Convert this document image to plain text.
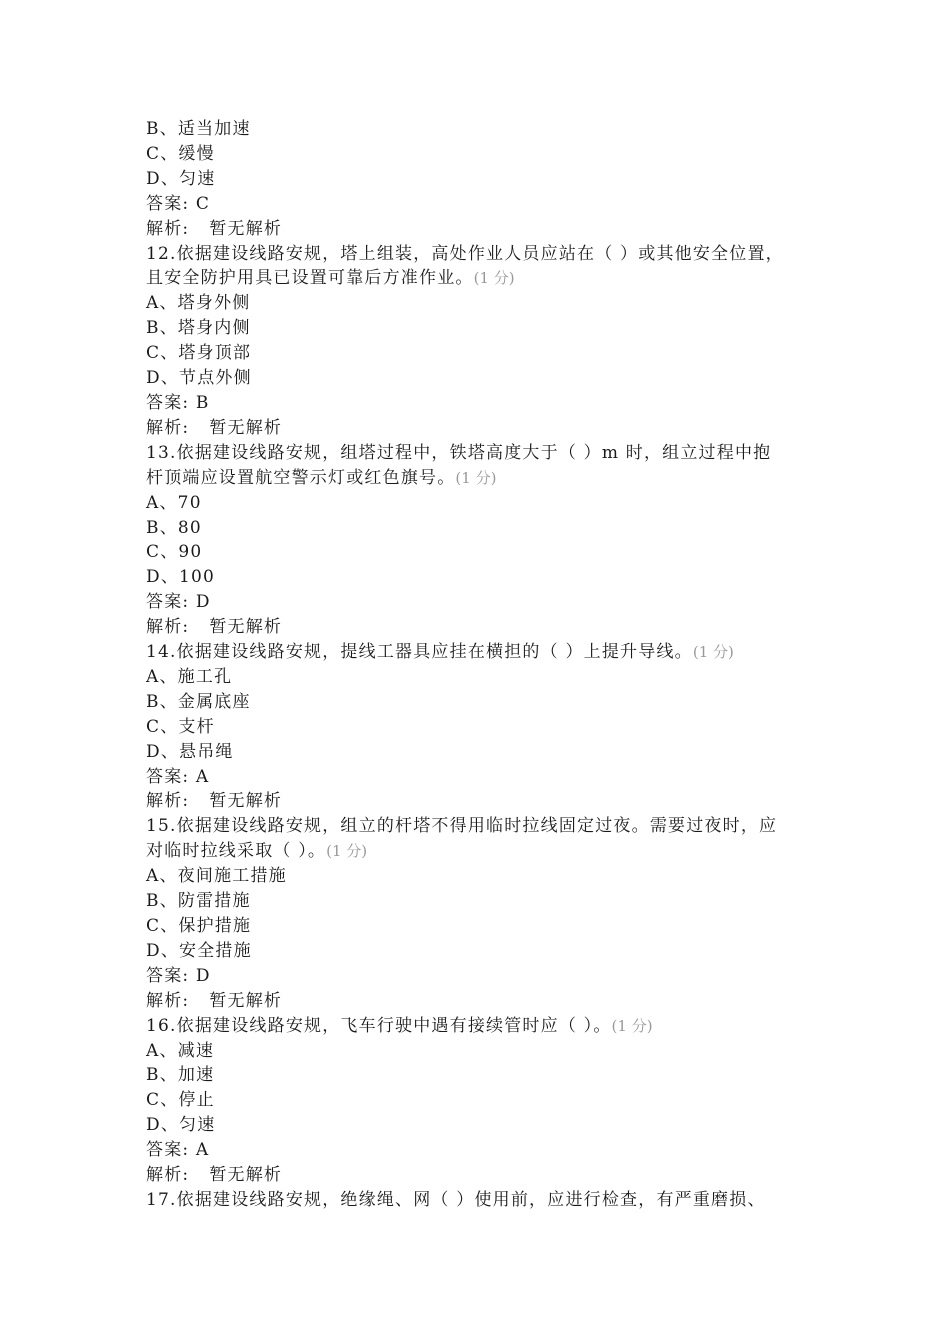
B、适当加速
C、缓慢
D、匀速
答案: C
解析: 暂无解析
12.依据建设线路安规，塔上组装，高处作业人员应站在（ ）或其他安全位置，
且安全防护用具已设置可靠后方准作业。(1 分)
A、塔身外侧
B、塔身内侧
C、塔身顶部
D、节点外侧
答案: B
解析: 暂无解析
13.依据建设线路安规，组塔过程中，铁塔高度大于（ ）m 时，组立过程中抱
杆顶端应设置航空警示灯或红色旗号。(1 分)
A、70
B、80
C、90
D、100
答案: D
解析: 暂无解析
14.依据建设线路安规，提线工器具应挂在横担的（ ）上提升导线。(1 分)
A、施工孔
B、金属底座
C、支杆
D、悬吊绳
答案: A
解析: 暂无解析
15.依据建设线路安规，组立的杆塔不得用临时拉线固定过夜。需要过夜时，应
对临时拉线采取（ ）。(1 分)
A、夜间施工措施
B、防雷措施
C、保护措施
D、安全措施
答案: D
解析: 暂无解析
16.依据建设线路安规，飞车行驶中遇有接续管时应（ ）。(1 分)
A、减速
B、加速
C、停止
D、匀速
答案: A
解析: 暂无解析
17.依据建设线路安规，绝缘绳、网（ ）使用前，应进行检查，有严重磨损、
